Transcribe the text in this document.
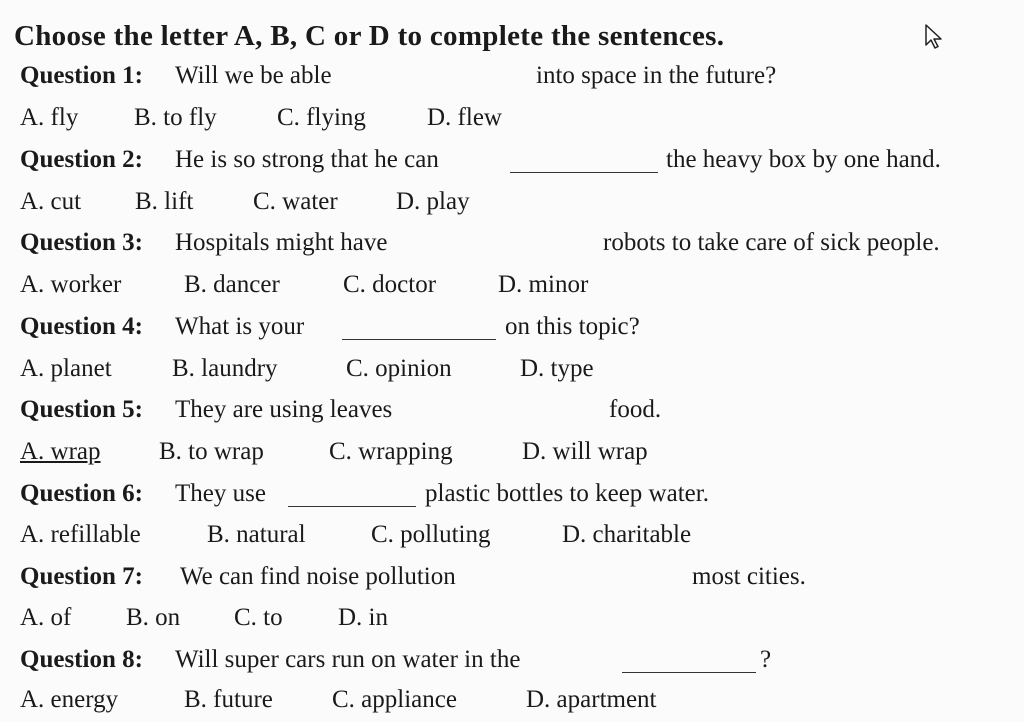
Choose the letter A, B, C or D to complete the sentences.
Question 1: Will we be able	into space in the future?
A. fly B. to fly C. flying D. flew
Question 2: He is so strong that he can	the heavy box by one hand.
A. cut B. lift C. water D. play
Question 3: Hospitals might have	robots to take care of sick people.
A. worker	B. dancer	C. doctor D. minor
Question 4: What is your	on this topic?
A. planet B. laundry	C. opinion	D. type
Question 5: They are using leaves	food.
A. wrap B. to wrap	C. wrapping	D. will wrap
Question 6: They use	plastic bottles to keep water.
A. refillable	B. natural	C. polluting	D. charitable
Question 7: We can find noise pollution	most cities.
A. of B. on C. to D. in
Question 8: Will super cars run on water in the	?
A. energy	B. future C. appliance	D. apartment
